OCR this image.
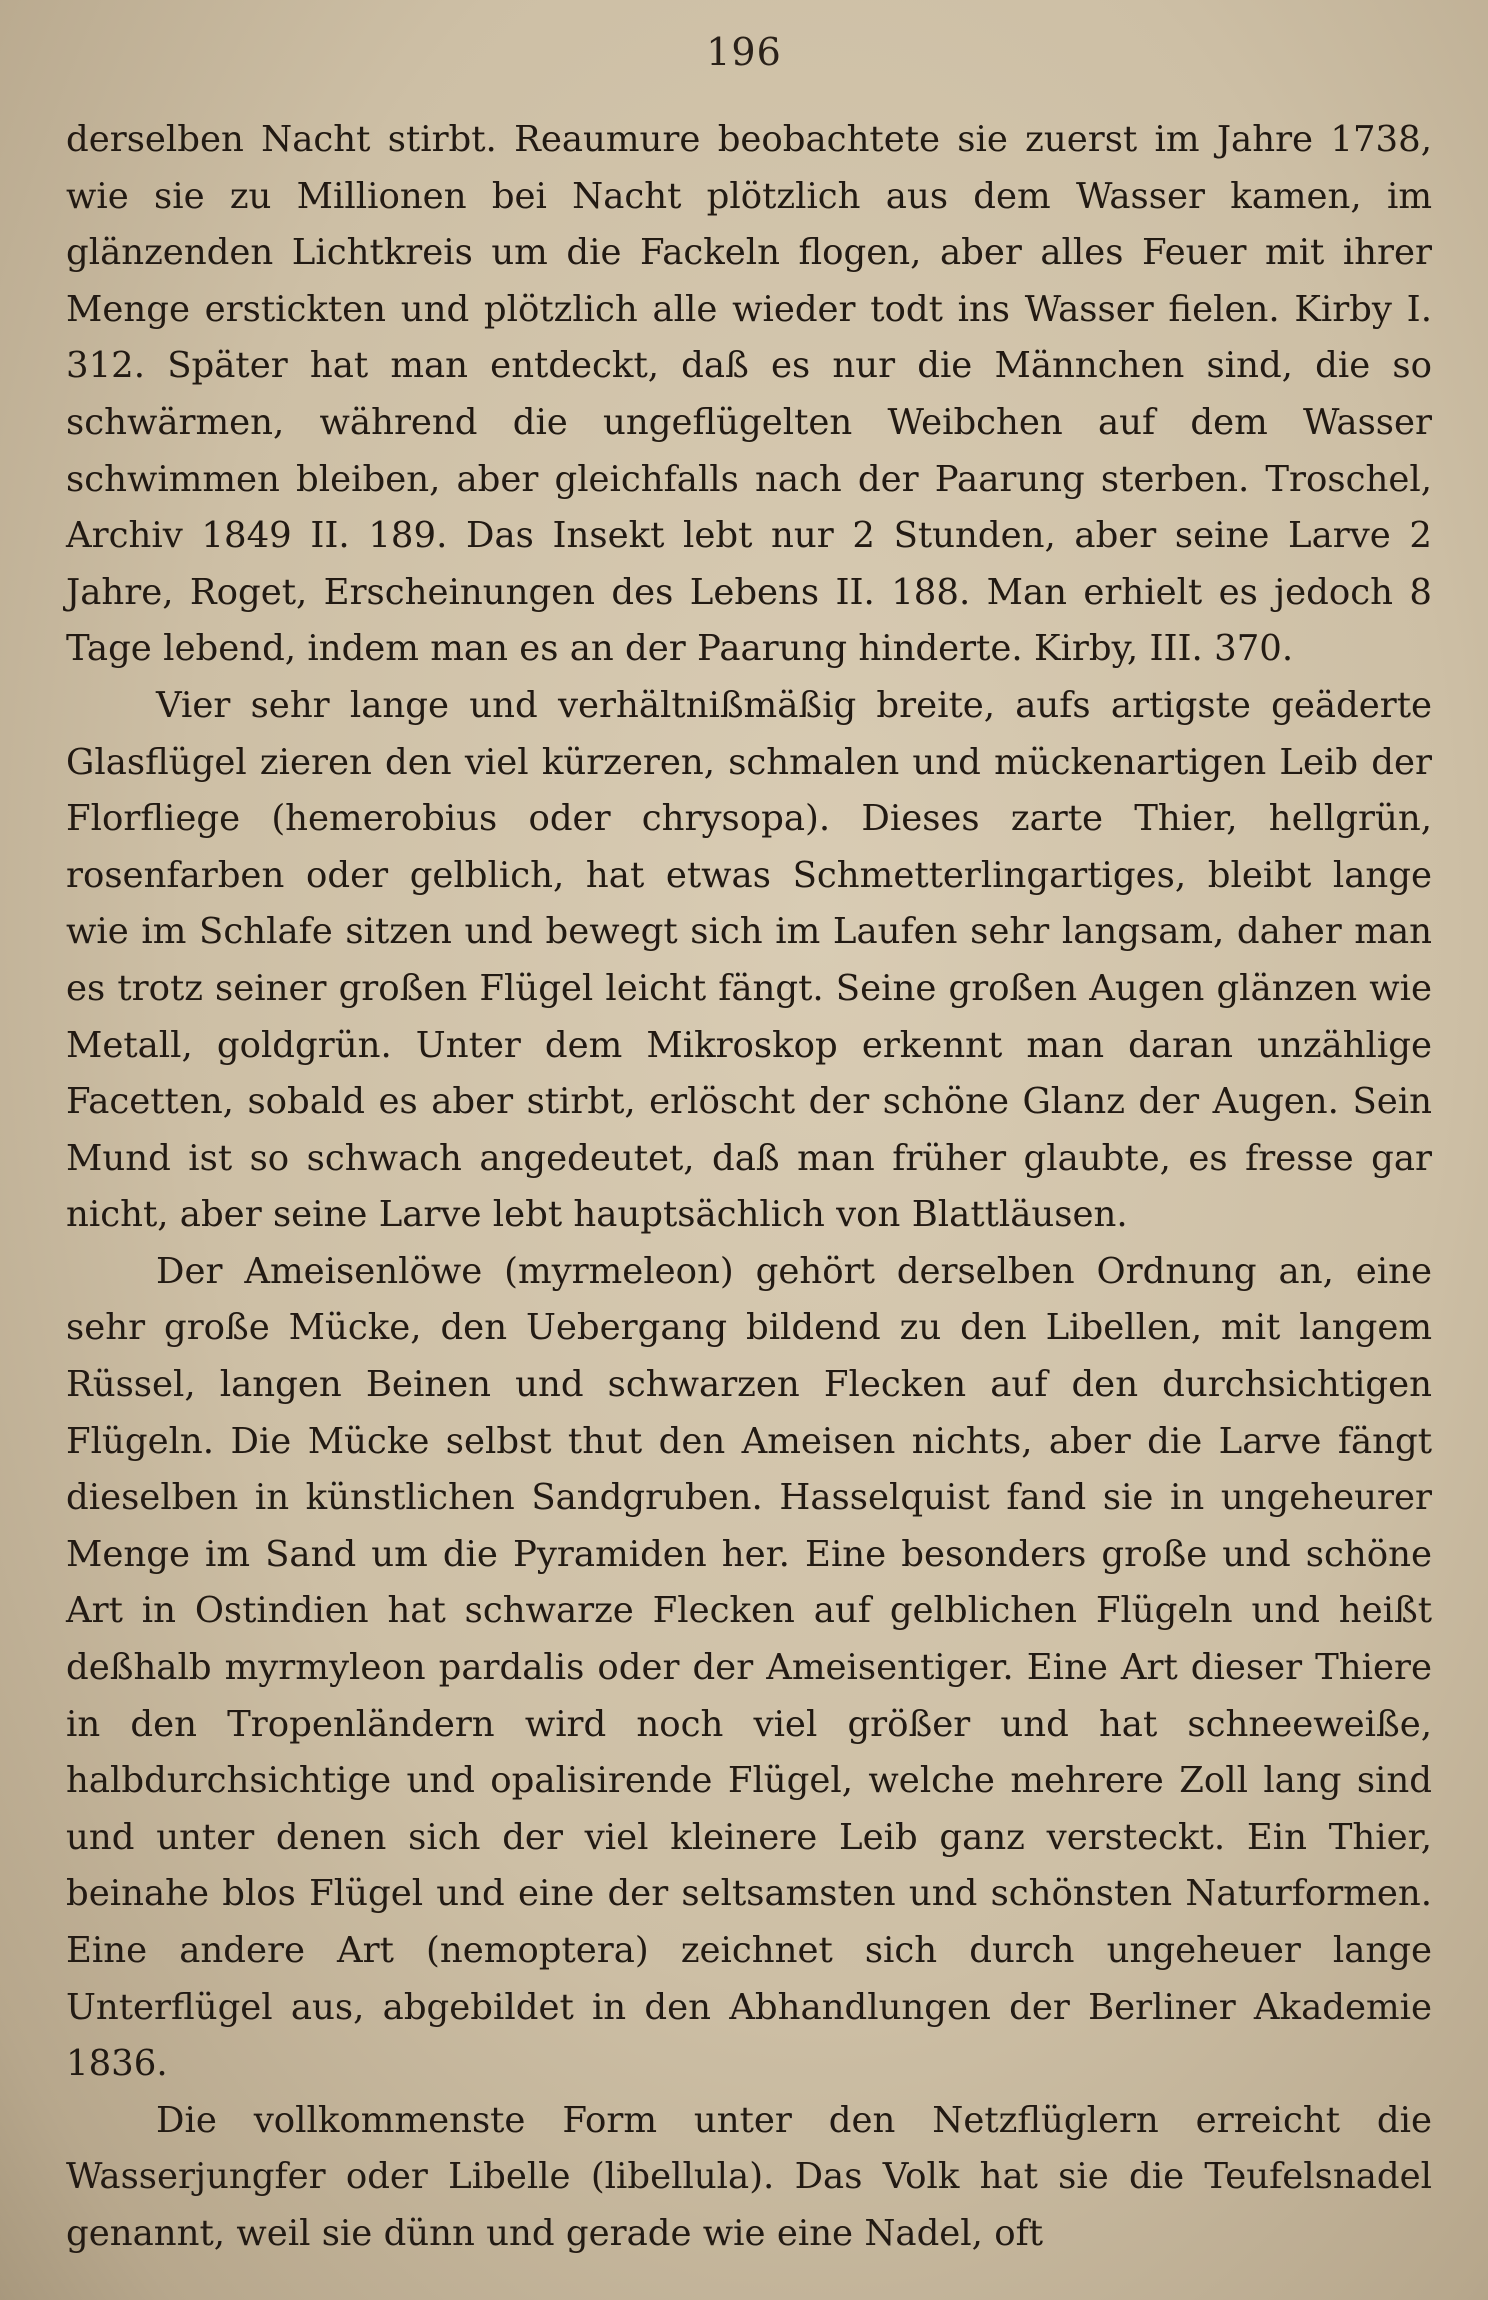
196

derselben Nacht stirbt. Reaumure beobachtete sie zuerst im Jahre 1738, wie sie zu Millionen bei Nacht plötzlich aus dem Wasser kamen, im glänzenden Lichtkreis um die Fackeln flogen, aber alles Feuer mit ihrer Menge erstickten und plötzlich alle wieder todt ins Wasser fielen. Kirby I. 312. Später hat man entdeckt, daß es nur die Männchen sind, die so schwärmen, während die ungeflügelten Weibchen auf dem Wasser schwimmen bleiben, aber gleichfalls nach der Paarung sterben. Troschel, Archiv 1849 II. 189. Das Insekt lebt nur 2 Stunden, aber seine Larve 2 Jahre, Roget, Erscheinungen des Lebens II. 188. Man erhielt es jedoch 8 Tage lebend, indem man es an der Paarung hinderte. Kirby, III. 370.

Vier sehr lange und verhältnißmäßig breite, aufs artigste geäderte Glasflügel zieren den viel kürzeren, schmalen und mückenartigen Leib der Florfliege (hemerobius oder chrysopa). Dieses zarte Thier, hellgrün, rosenfarben oder gelblich, hat etwas Schmetterlingartiges, bleibt lange wie im Schlafe sitzen und bewegt sich im Laufen sehr langsam, daher man es trotz seiner großen Flügel leicht fängt. Seine großen Augen glänzen wie Metall, goldgrün. Unter dem Mikroskop erkennt man daran unzählige Facetten, sobald es aber stirbt, erlöscht der schöne Glanz der Augen. Sein Mund ist so schwach angedeutet, daß man früher glaubte, es fresse gar nicht, aber seine Larve lebt hauptsächlich von Blattläusen.

Der Ameisenlöwe (myrmeleon) gehört derselben Ordnung an, eine sehr große Mücke, den Uebergang bildend zu den Libellen, mit langem Rüssel, langen Beinen und schwarzen Flecken auf den durchsichtigen Flügeln. Die Mücke selbst thut den Ameisen nichts, aber die Larve fängt dieselben in künstlichen Sandgruben. Hasselquist fand sie in ungeheurer Menge im Sand um die Pyramiden her. Eine besonders große und schöne Art in Ostindien hat schwarze Flecken auf gelblichen Flügeln und heißt deßhalb myrmyleon pardalis oder der Ameisentiger. Eine Art dieser Thiere in den Tropenländern wird noch viel größer und hat schneeweiße, halbdurchsichtige und opalisirende Flügel, welche mehrere Zoll lang sind und unter denen sich der viel kleinere Leib ganz versteckt. Ein Thier, beinahe blos Flügel und eine der seltsamsten und schönsten Naturformen. Eine andere Art (nemoptera) zeichnet sich durch ungeheuer lange Unterflügel aus, abgebildet in den Abhandlungen der Berliner Akademie 1836.

Die vollkommenste Form unter den Netzflüglern erreicht die Wasserjungfer oder Libelle (libellula). Das Volk hat sie die Teufelsnadel genannt, weil sie dünn und gerade wie eine Nadel, oft
